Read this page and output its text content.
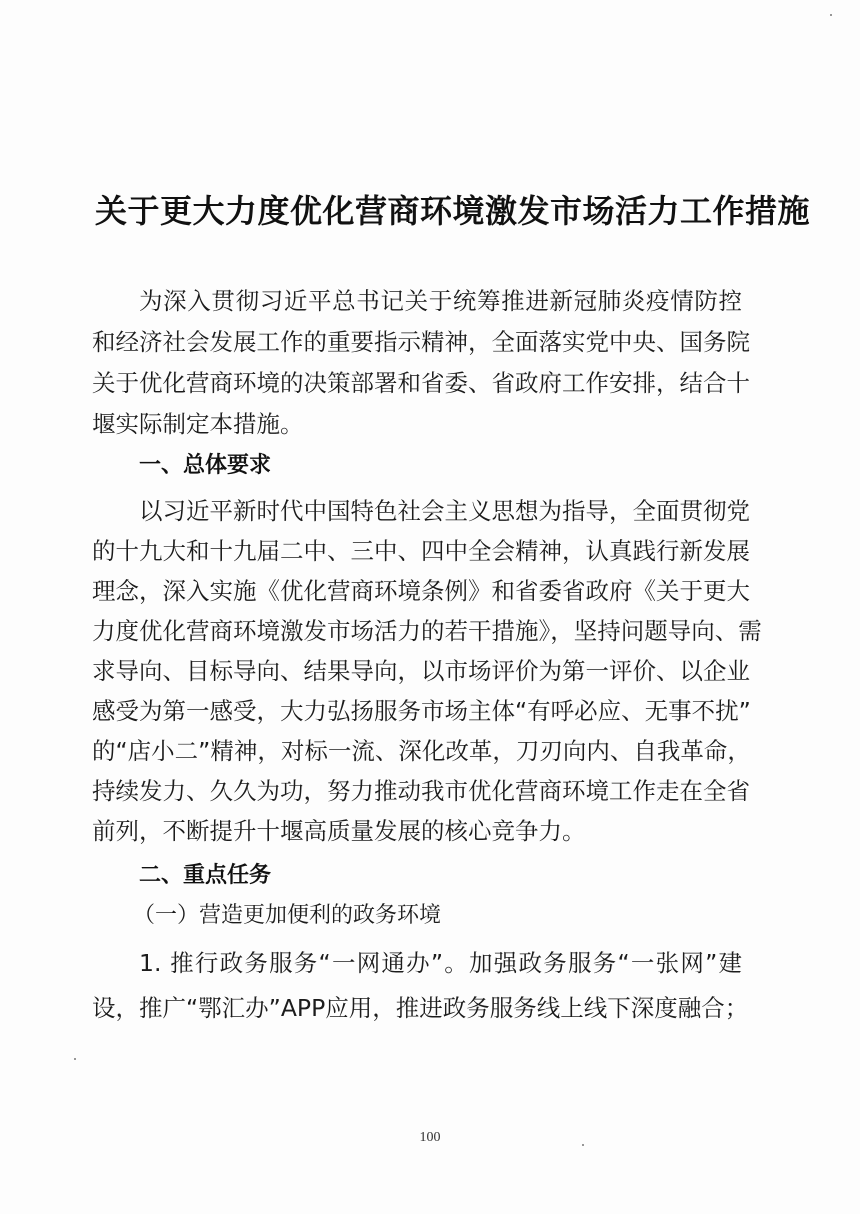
关于更大力度优化营商环境激发市场活力工作措施
为深入贯彻习近平总书记关于统筹推进新冠肺炎疫情防控
和经济社会发展工作的重要指示精神，全面落实党中央、国务院
关于优化营商环境的决策部署和省委、省政府工作安排，结合十
堰实际制定本措施。
一、总体要求
以习近平新时代中国特色社会主义思想为指导，全面贯彻党
的十九大和十九届二中、三中、四中全会精神，认真践行新发展
理念，深入实施《优化营商环境条例》和省委省政府《关于更大
力度优化营商环境激发市场活力的若干措施》，坚持问题导向、需
求导向、目标导向、结果导向，以市场评价为第一评价、以企业
感受为第一感受，大力弘扬服务市场主体“有呼必应、无事不扰”
的“店小二”精神，对标一流、深化改革，刀刃向内、自我革命，
持续发力、久久为功，努力推动我市优化营商环境工作走在全省
前列，不断提升十堰高质量发展的核心竞争力。
二、重点任务
（一）营造更加便利的政务环境
1. 推行政务服务“一网通办”。加强政务服务“一张网”建
设，推广“鄂汇办”APP应用，推进政务服务线上线下深度融合；
100
